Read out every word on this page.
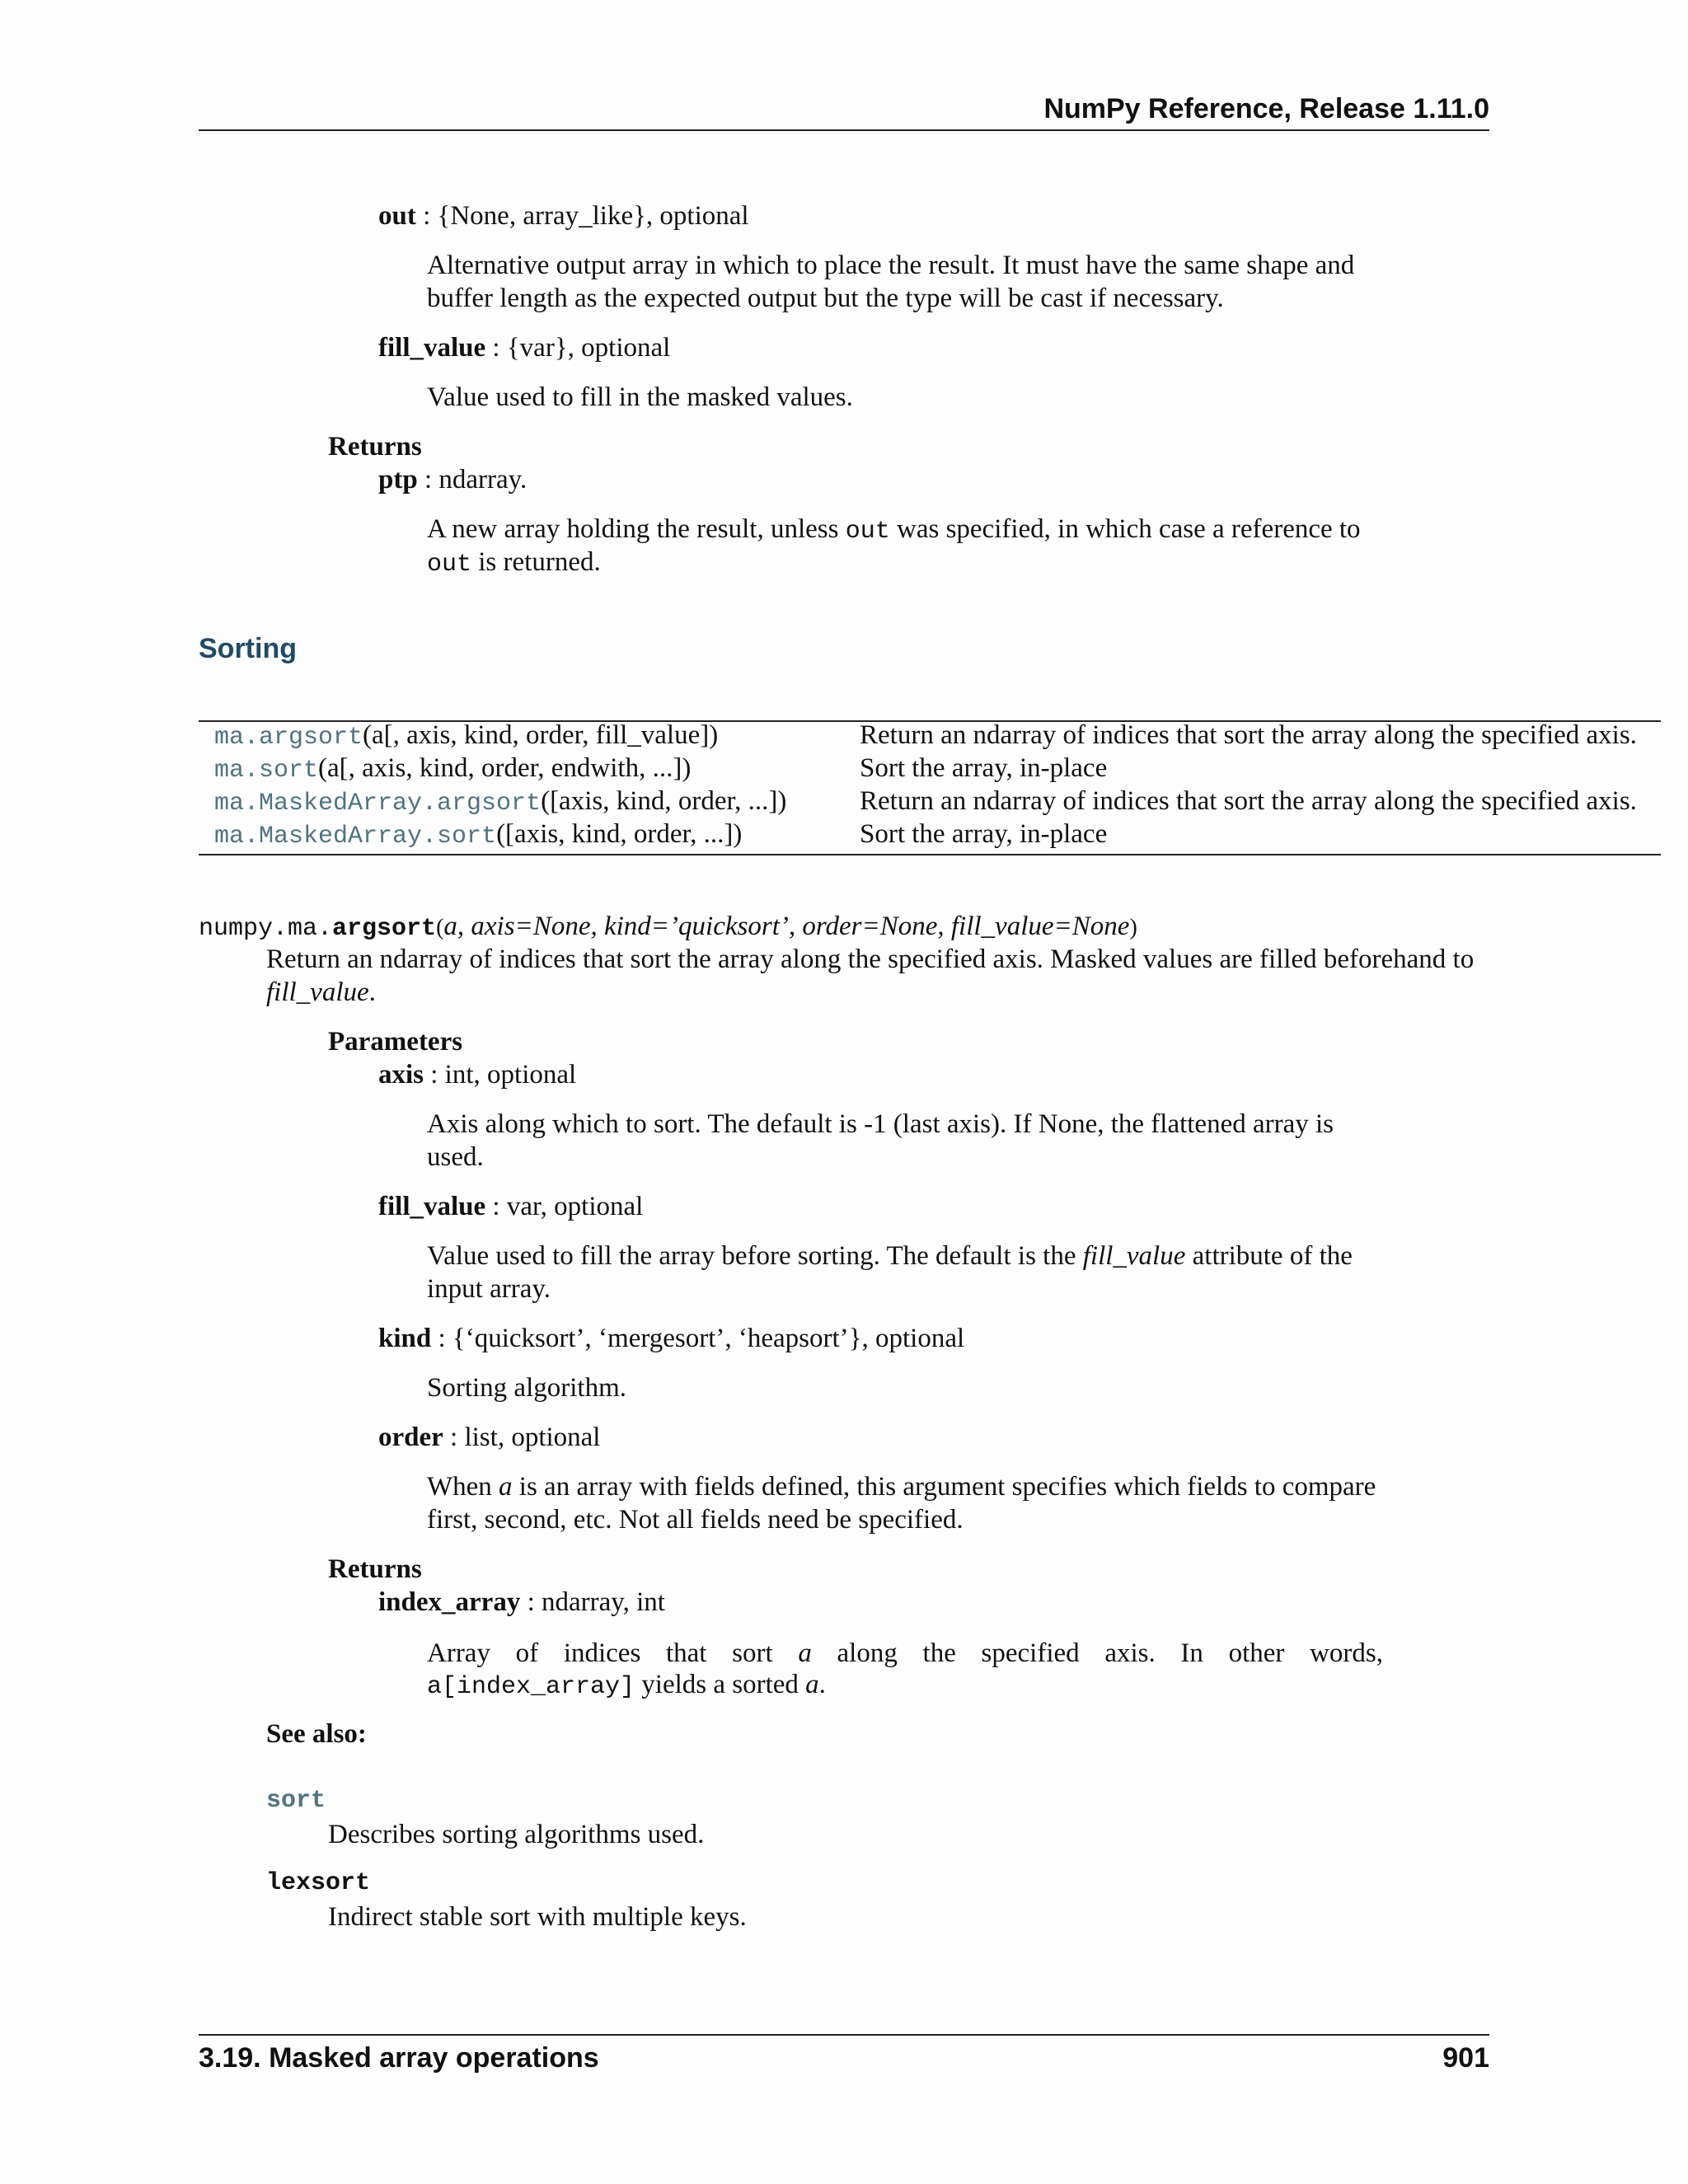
NumPy Reference, Release 1.11.0
out : {None, array_like}, optional
Alternative output array in which to place the result. It must have the same shape and
buffer length as the expected output but the type will be cast if necessary.
fill_value : {var}, optional
Value used to fill in the masked values.
Returns
ptp : ndarray.
A new array holding the result, unless out was specified, in which case a reference to
out is returned.
Sorting
ma.argsort(a[, axis, kind, order, fill_value])	Return an ndarray of indices that sort the array along the specified axis.
ma.sort(a[, axis, kind, order, endwith, ...])	Sort the array, in-place
ma.MaskedArray.argsort([axis, kind, order, ...])	Return an ndarray of indices that sort the array along the specified axis.
ma.MaskedArray.sort([axis, kind, order, ...])	Sort the array, in-place
numpy.ma.argsort(a, axis=None, kind=’quicksort’, order=None, fill_value=None)
Return an ndarray of indices that sort the array along the specified axis. Masked values are filled beforehand to
fill_value.
Parameters
axis : int, optional
Axis along which to sort. The default is -1 (last axis). If None, the flattened array is
used.
fill_value : var, optional
Value used to fill the array before sorting. The default is the fill_value attribute of the
input array.
kind : {‘quicksort’, ‘mergesort’, ‘heapsort’}, optional
Sorting algorithm.
order : list, optional
When a is an array with fields defined, this argument specifies which fields to compare
first, second, etc. Not all fields need be specified.
Returns
index_array : ndarray, int
Array of indices that sort a along the specified axis. In other words,
a[index_array] yields a sorted a.
See also:
sort
Describes sorting algorithms used.
lexsort
Indirect stable sort with multiple keys.
3.19. Masked array operations	901
